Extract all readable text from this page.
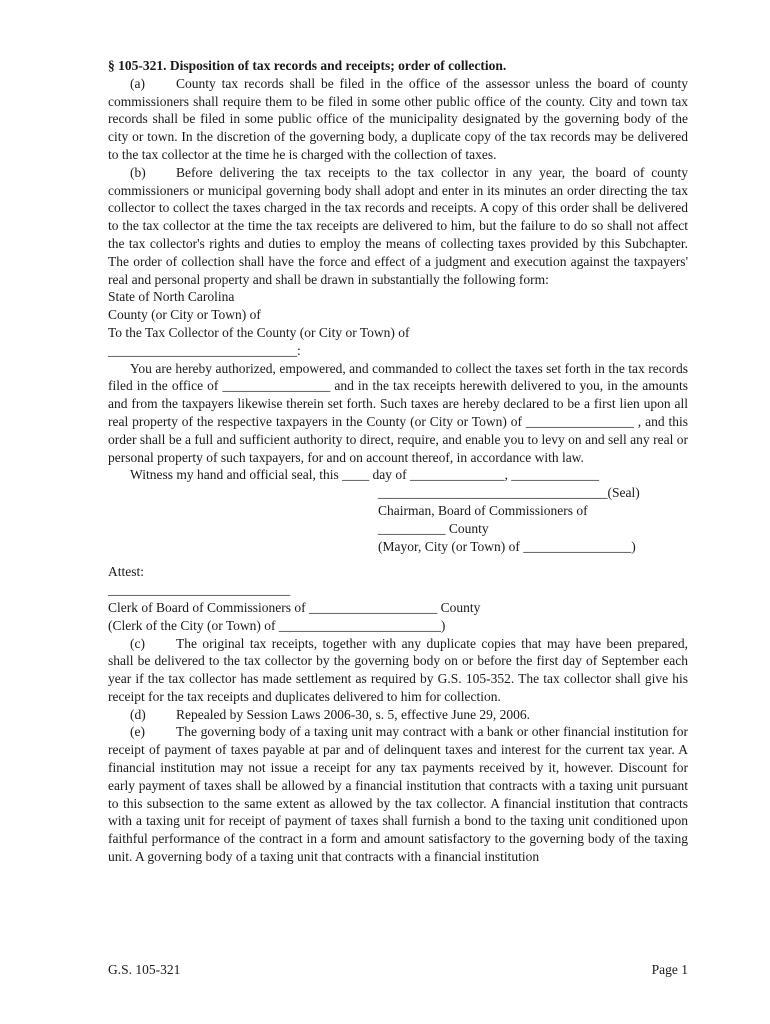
§ 105-321. Disposition of tax records and receipts; order of collection.

(a) County tax records shall be filed in the office of the assessor unless the board of county commissioners shall require them to be filed in some other public office of the county. City and town tax records shall be filed in some public office of the municipality designated by the governing body of the city or town. In the discretion of the governing body, a duplicate copy of the tax records may be delivered to the tax collector at the time he is charged with the collection of taxes.

(b) Before delivering the tax receipts to the tax collector in any year, the board of county commissioners or municipal governing body shall adopt and enter in its minutes an order directing the tax collector to collect the taxes charged in the tax records and receipts. A copy of this order shall be delivered to the tax collector at the time the tax receipts are delivered to him, but the failure to do so shall not affect the tax collector's rights and duties to employ the means of collecting taxes provided by this Subchapter. The order of collection shall have the force and effect of a judgment and execution against the taxpayers' real and personal property and shall be drawn in substantially the following form:

State of North Carolina

County (or City or Town) of

To the Tax Collector of the County (or City or Town) of

____________________________:

You are hereby authorized, empowered, and commanded to collect the taxes set forth in the tax records filed in the office of ________________ and in the tax receipts herewith delivered to you, in the amounts and from the taxpayers likewise therein set forth. Such taxes are hereby declared to be a first lien upon all real property of the respective taxpayers in the County (or City or Town) of ________________ , and this order shall be a full and sufficient authority to direct, require, and enable you to levy on and sell any real or personal property of such taxpayers, for and on account thereof, in accordance with law.

Witness my hand and official seal, this ____ day of ______________, _____________

__________________________________(Seal)

Chairman, Board of Commissioners of

__________ County

(Mayor, City (or Town) of ________________)

Attest:

___________________________

Clerk of Board of Commissioners of ___________________ County

(Clerk of the City (or Town) of ________________________)

(c) The original tax receipts, together with any duplicate copies that may have been prepared, shall be delivered to the tax collector by the governing body on or before the first day of September each year if the tax collector has made settlement as required by G.S. 105-352. The tax collector shall give his receipt for the tax receipts and duplicates delivered to him for collection.

(d) Repealed by Session Laws 2006-30, s. 5, effective June 29, 2006.

(e) The governing body of a taxing unit may contract with a bank or other financial institution for receipt of payment of taxes payable at par and of delinquent taxes and interest for the current tax year. A financial institution may not issue a receipt for any tax payments received by it, however. Discount for early payment of taxes shall be allowed by a financial institution that contracts with a taxing unit pursuant to this subsection to the same extent as allowed by the tax collector. A financial institution that contracts with a taxing unit for receipt of payment of taxes shall furnish a bond to the taxing unit conditioned upon faithful performance of the contract in a form and amount satisfactory to the governing body of the taxing unit. A governing body of a taxing unit that contracts with a financial institution

G.S. 105-321	Page 1
